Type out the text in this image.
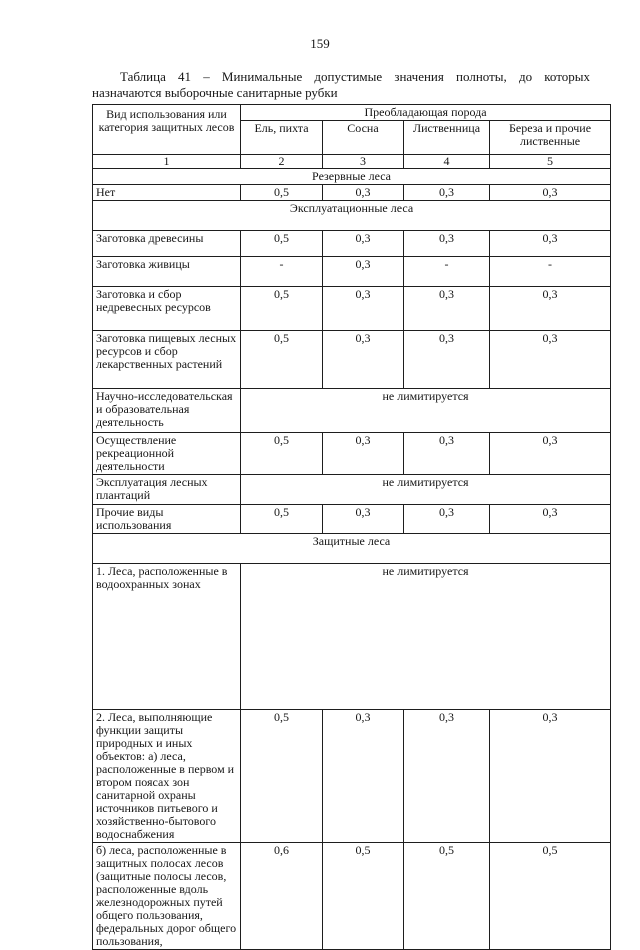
159
Таблица 41 – Минимальные допустимые значения полноты, до которых
назначаются выборочные санитарные рубки
Вид использования или категория защитных лесов	Преобладающая порода			
	Ель, пихта	Сосна	Лиственница	Береза и прочие лиственные
1	2	3	4	5
Резервные леса				
Нет	0,5	0,3	0,3	0,3
Эксплуатационные леса				
Заготовка древесины	0,5	0,3	0,3	0,3
Заготовка живицы	-	0,3	-	-
Заготовка и сбор недревесных ресурсов	0,5	0,3	0,3	0,3
Заготовка пищевых лесных ресурсов и сбор лекарственных растений	0,5	0,3	0,3	0,3
Научно-исследовательская и образовательная деятельность	не лимитируется			
Осуществление рекреационной деятельности	0,5	0,3	0,3	0,3
Эксплуатация лесных плантаций	не лимитируется			
Прочие виды использования	0,5	0,3	0,3	0,3
Защитные леса				
1. Леса, расположенные в водоохранных зонах	не лимитируется			
2. Леса, выполняющие функции защиты природных и иных объектов: а) леса, расположенные в первом и втором поясах зон санитарной охраны источников питьевого и хозяйственно-бытового водоснабжения	0,5	0,3	0,3	0,3
б) леса, расположенные в защитных полосах лесов (защитные полосы лесов, расположенные вдоль железнодорожных путей общего пользования, федеральных дорог общего пользования,	0,6	0,5	0,5	0,5
